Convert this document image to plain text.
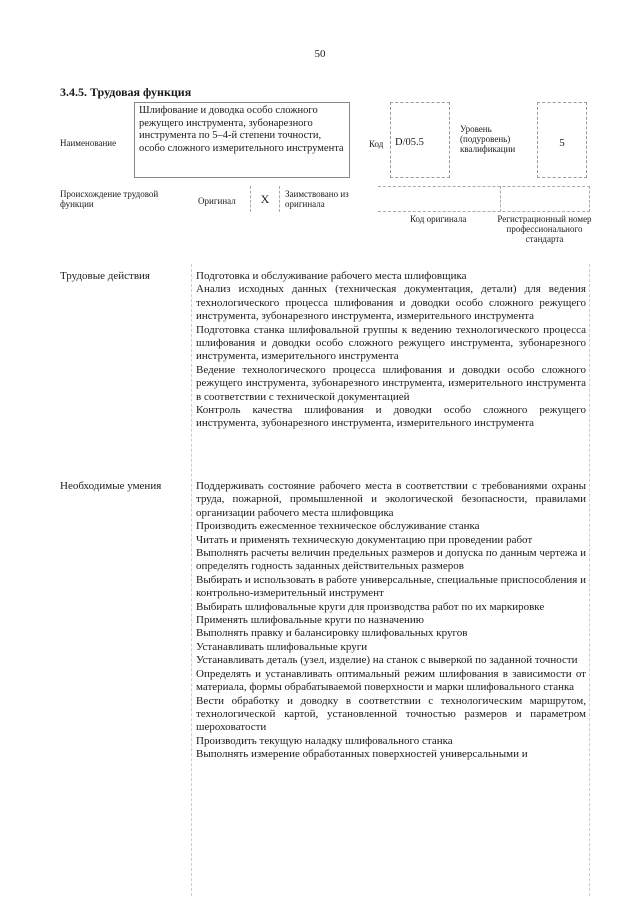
50
3.4.5. Трудовая функция
Наименование
Шлифование и доводка особо сложного режущего инструмента, зубонарезного инструмента по 5–4-й степени точности, особо сложного измерительного инструмента	Код	D/05.5
Уровень (подуровень) квалификации	5
Происхождение трудовой функции	Оригинал	X	Заимствовано из оригинала
Код оригинала	Регистрационный номер профессионального стандарта
Трудовые действия	Подготовка и обслуживание рабочего места шлифовщика
Анализ исходных данных (техническая документация, детали) для ведения технологического процесса шлифования и доводки особо сложного режущего инструмента, зубонарезного инструмента, измерительного инструмента
Подготовка станка шлифовальной группы к ведению технологического процесса шлифования и доводки особо сложного режущего инструмента, зубонарезного инструмента, измерительного инструмента
Ведение технологического процесса шлифования и доводки особо сложного режущего инструмента, зубонарезного инструмента, измерительного инструмента в соответствии с технической документацией
Контроль качества шлифования и доводки особо сложного режущего инструмента, зубонарезного инструмента, измерительного инструмента
Необходимые умения	Поддерживать состояние рабочего места в соответствии с требованиями охраны труда, пожарной, промышленной и экологической безопасности, правилами организации рабочего места шлифовщика
Производить ежесменное техническое обслуживание станка
Читать и применять техническую документацию при проведении работ
Выполнять расчеты величин предельных размеров и допуска по данным чертежа и определять годность заданных действительных размеров
Выбирать и использовать в работе универсальные, специальные приспособления и контрольно-измерительный инструмент
Выбирать шлифовальные круги для производства работ по их маркировке
Применять шлифовальные круги по назначению
Выполнять правку и балансировку шлифовальных кругов
Устанавливать шлифовальные круги
Устанавливать деталь (узел, изделие) на станок с выверкой по заданной точности
Определять и устанавливать оптимальный режим шлифования в зависимости от материала, формы обрабатываемой поверхности и марки шлифовального станка
Вести обработку и доводку в соответствии с технологическим маршрутом, технологической картой, установленной точностью размеров и параметром шероховатости
Производить текущую наладку шлифовального станка
Выполнять измерение обработанных поверхностей универсальными и
